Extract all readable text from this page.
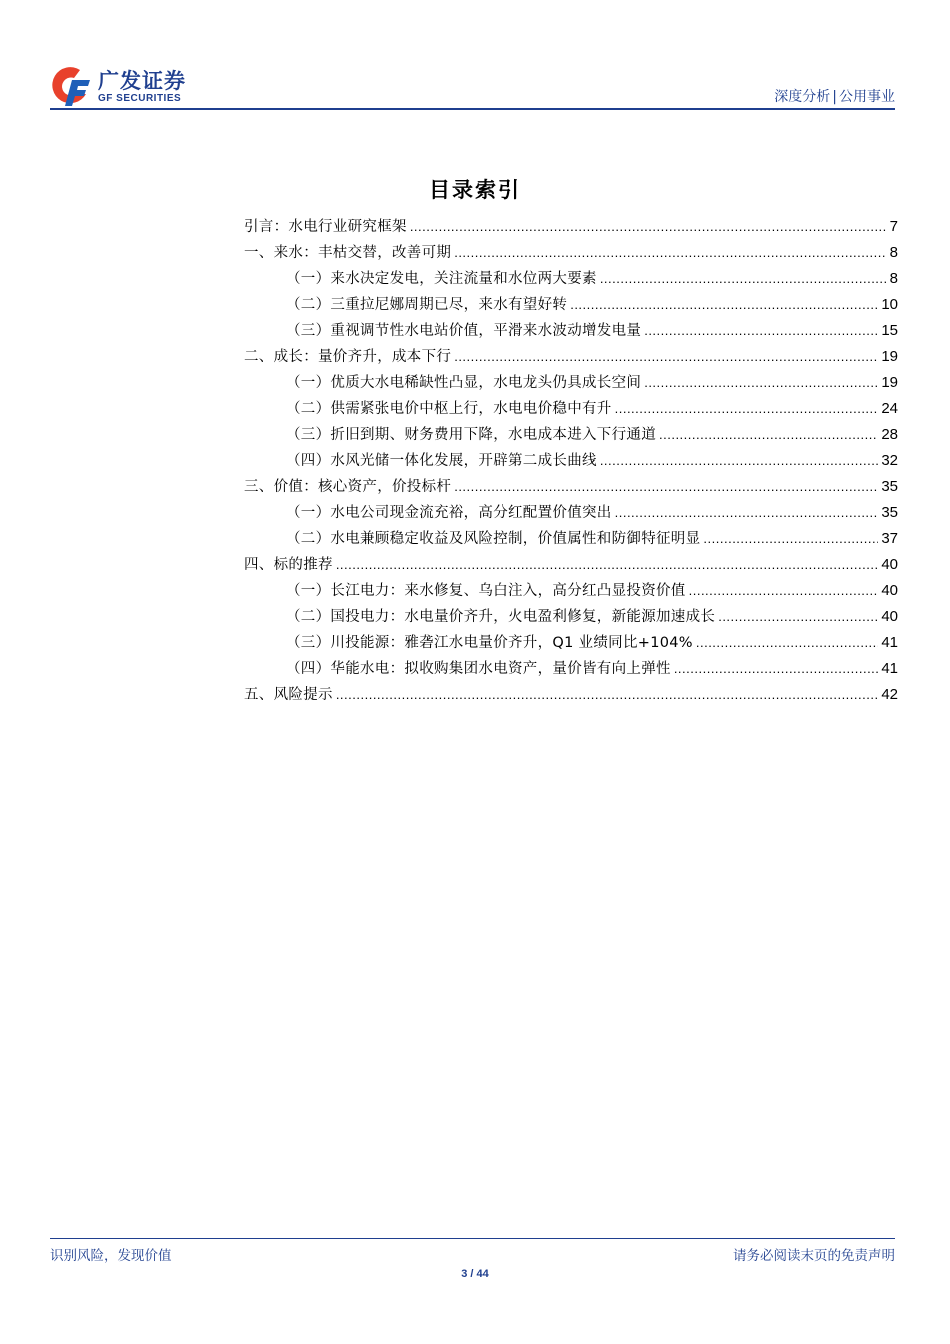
广发证券
GF SECURITIES	深度分析 | 公用事业
目录索引
引言：水电行业研究框架 .....	7
一、来水：丰枯交替，改善可期 .....	8
（一）来水决定发电，关注流量和水位两大要素 .....	8
（二）三重拉尼娜周期已尽，来水有望好转 .....	10
（三）重视调节性水电站价值，平滑来水波动增发电量 .....	15
二、成长：量价齐升，成本下行 .....	19
（一）优质大水电稀缺性凸显，水电龙头仍具成长空间 .....	19
（二）供需紧张电价中枢上行，水电电价稳中有升 .....	24
（三）折旧到期、财务费用下降，水电成本进入下行通道 .....	28
（四）水风光储一体化发展，开辟第二成长曲线 .....	32
三、价值：核心资产，价投标杆 .....	35
（一）水电公司现金流充裕，高分红配置价值突出 .....	35
（二）水电兼顾稳定收益及风险控制，价值属性和防御特征明显 .....	37
四、标的推荐 .....	40
（一）长江电力：来水修复、乌白注入，高分红凸显投资价值 .....	40
（二）国投电力：水电量价齐升，火电盈利修复，新能源加速成长 .....	40
（三）川投能源：雅砻江水电量价齐升，Q1 业绩同比+104% .....	41
（四）华能水电：拟收购集团水电资产，量价皆有向上弹性 .....	41
五、风险提示 .....	42
识别风险，发现价值	请务必阅读末页的免责声明
3 / 44
